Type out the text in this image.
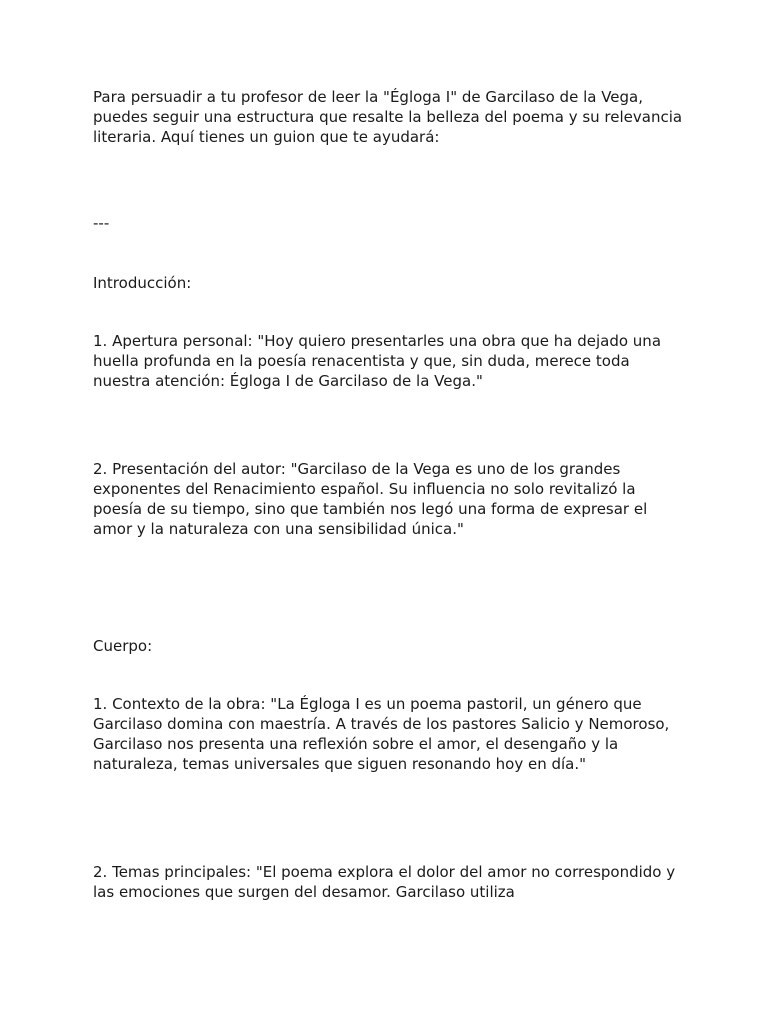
Para persuadir a tu profesor de leer la "Égloga I" de Garcilaso de la Vega, puedes seguir una estructura que resalte la belleza del poema y su relevancia literaria. Aquí tienes un guion que te ayudará:

---

Introducción:

1. Apertura personal: "Hoy quiero presentarles una obra que ha dejado una huella profunda en la poesía renacentista y que, sin duda, merece toda nuestra atención: Égloga I de Garcilaso de la Vega."

2. Presentación del autor: "Garcilaso de la Vega es uno de los grandes exponentes del Renacimiento español. Su influencia no solo revitalizó la poesía de su tiempo, sino que también nos legó una forma de expresar el amor y la naturaleza con una sensibilidad única."

Cuerpo:

1. Contexto de la obra: "La Égloga I es un poema pastoril, un género que Garcilaso domina con maestría. A través de los pastores Salicio y Nemoroso, Garcilaso nos presenta una reflexión sobre el amor, el desengaño y la naturaleza, temas universales que siguen resonando hoy en día."

2. Temas principales: "El poema explora el dolor del amor no correspondido y las emociones que surgen del desamor. Garcilaso utiliza
